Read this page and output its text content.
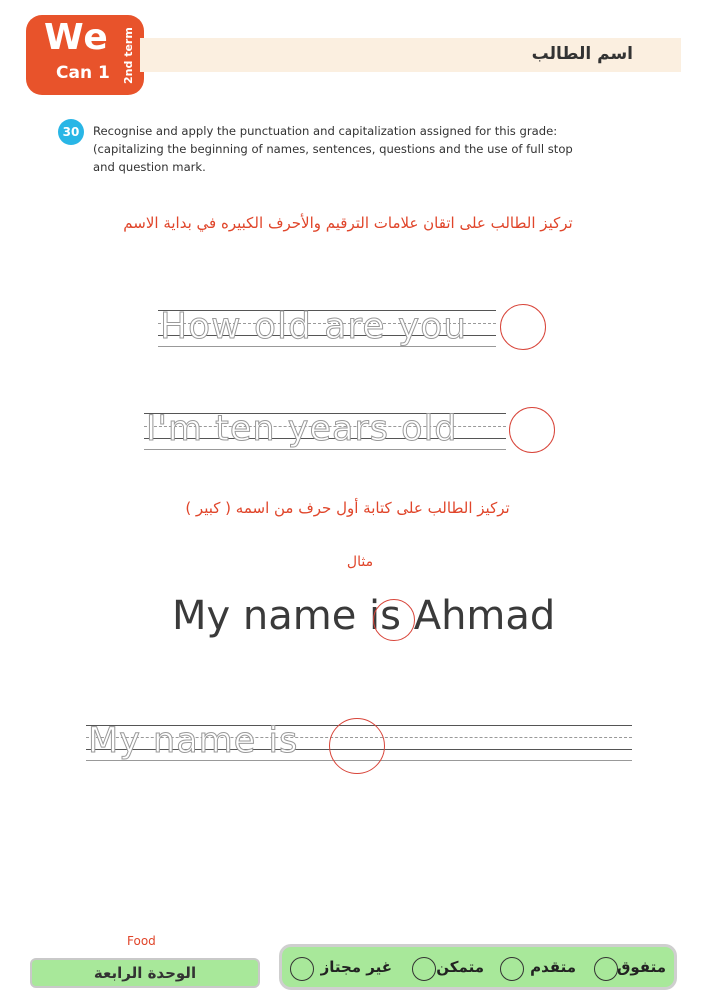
We
Can 1 2nd term	اسم الطالب
30	Recognise and apply the punctuation and capitalization assigned for this grade: (capitalizing the beginning of names, sentences, questions and the use of full stop and question mark.
تركيز الطالب على اتقان علامات الترقيم والأحرف الكبيره في بداية الاسم
How old are you
I'm ten years old
تركيز الطالب على كتابة أول حرف من اسمه ( كبير )
مثال
My name is Ahmad
My name is
Food
الوحدة الرابعة	متفوق
متقدم
متمكن
غير مجتاز
